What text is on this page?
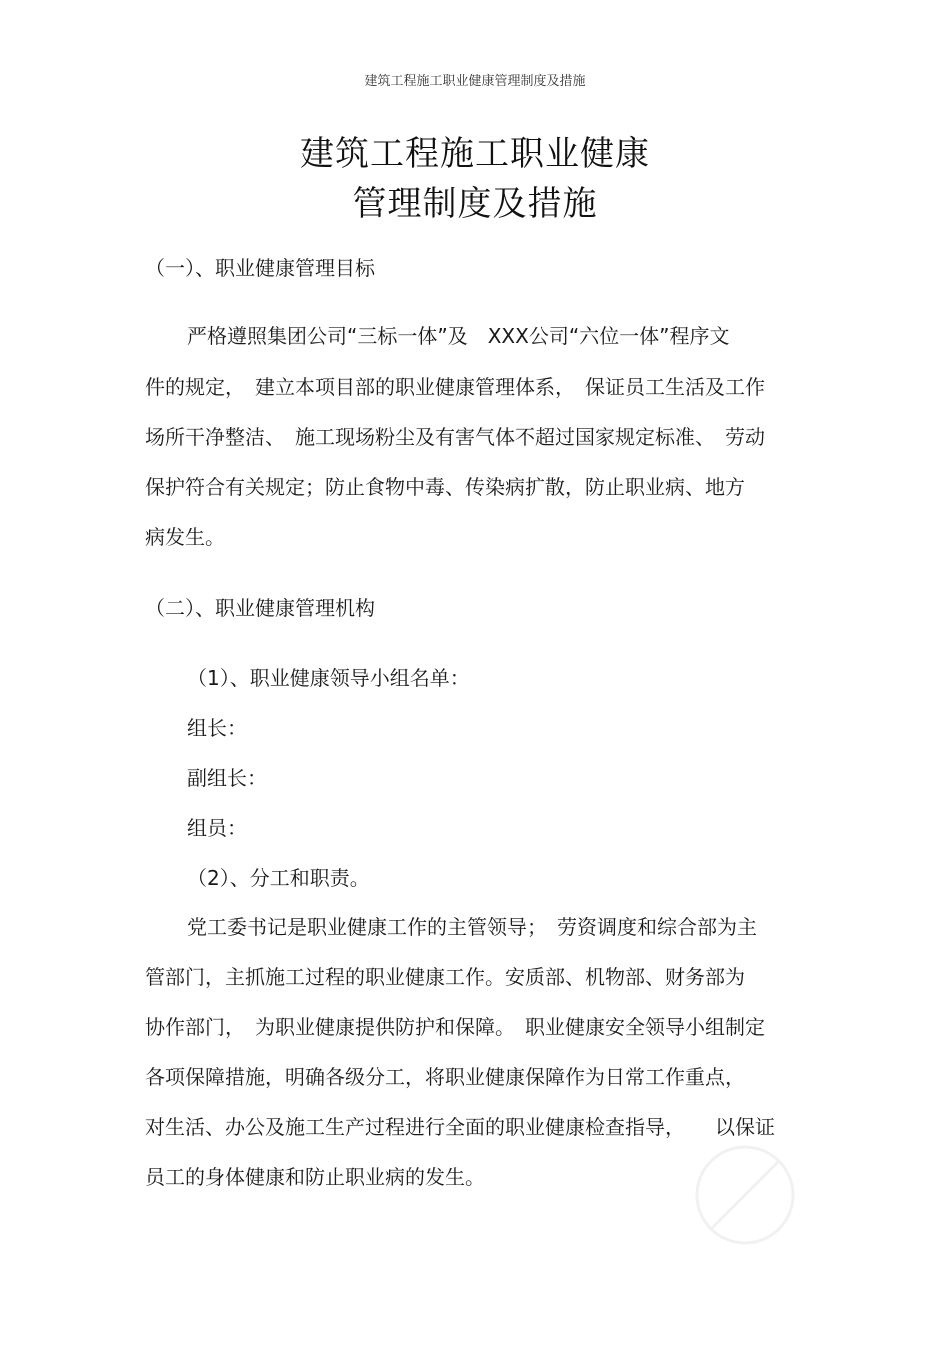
建筑工程施工职业健康管理制度及措施
建筑工程施工职业健康
管理制度及措施
（一）、职业健康管理目标
严格遵照集团公司“三标一体”及　XXX公司“六位一体”程序文
件的规定，　建立本项目部的职业健康管理体系，　保证员工生活及工作
场所干净整洁、　施工现场粉尘及有害气体不超过国家规定标准、　劳动
保护符合有关规定；防止食物中毒、传染病扩散，防止职业病、地方
病发生。
（二）、职业健康管理机构
（1）、职业健康领导小组名单：
组长：
副组长：
组员：
（2）、分工和职责。
党工委书记是职业健康工作的主管领导；　劳资调度和综合部为主
管部门，主抓施工过程的职业健康工作。安质部、机物部、财务部为
协作部门，　为职业健康提供防护和保障。　职业健康安全领导小组制定
各项保障措施，明确各级分工，将职业健康保障作为日常工作重点，
对生活、办公及施工生产过程进行全面的职业健康检查指导，　　以保证
员工的身体健康和防止职业病的发生。
